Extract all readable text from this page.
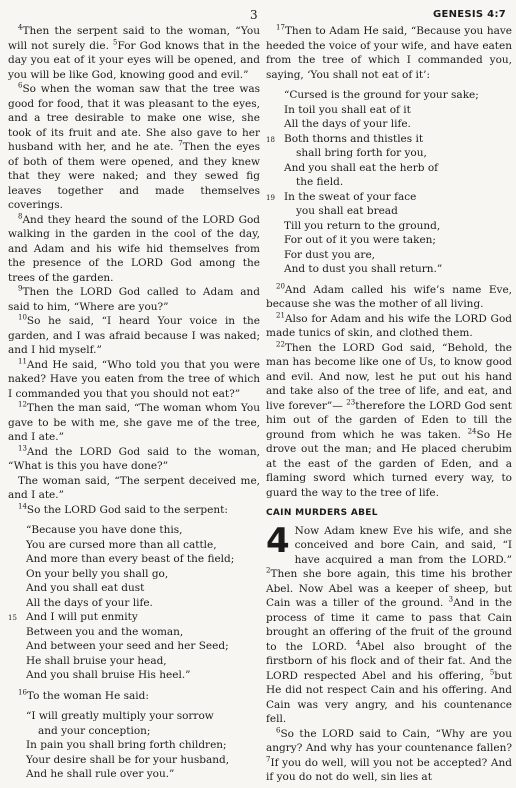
3	GENESIS 4:7

$^4$Then the serpent said to the woman, “You will not surely die. $^5$For God knows that in the day you eat of it your eyes will be opened, and you will be like God, knowing good and evil.”

$^6$So when the woman saw that the tree was good for food, that it was pleasant to the eyes, and a tree desirable to make one wise, she took of its fruit and ate. She also gave to her husband with her, and he ate. $^7$Then the eyes of both of them were opened, and they knew that they were naked; and they sewed fig leaves together and made themselves coverings.

$^8$And they heard the sound of the LORD God walking in the garden in the cool of the day, and Adam and his wife hid themselves from the presence of the LORD God among the trees of the garden.

$^9$Then the LORD God called to Adam and said to him, “Where are you?”

$^{10}$So he said, “I heard Your voice in the garden, and I was afraid because I was naked; and I hid myself.”

$^{11}$And He said, “Who told you that you were naked? Have you eaten from the tree of which I commanded you that you should not eat?”

$^{12}$Then the man said, “The woman whom You gave to be with me, she gave me of the tree, and I ate.”

$^{13}$And the LORD God said to the woman, “What is this you have done?”

The woman said, “The serpent deceived me, and I ate.”

$^{14}$So the LORD God said to the serpent:

“Because you have done this,
You are cursed more than all cattle,
And more than every beast of the field;
On your belly you shall go,
And you shall eat dust
All the days of your life.
15 And I will put enmity
Between you and the woman,
And between your seed and her Seed;
He shall bruise your head,
And you shall bruise His heel.”

$^{16}$To the woman He said:

“I will greatly multiply your sorrow
and your conception;
In pain you shall bring forth children;
Your desire shall be for your husband,
And he shall rule over you.”

$^{17}$Then to Adam He said, “Because you have heeded the voice of your wife, and have eaten from the tree of which I commanded you, saying, ‘You shall not eat of it’:

“Cursed is the ground for your sake;
In toil you shall eat of it
All the days of your life.
18 Both thorns and thistles it
shall bring forth for you,
And you shall eat the herb of
the field.
19 In the sweat of your face
you shall eat bread
Till you return to the ground,
For out of it you were taken;
For dust you are,
And to dust you shall return.”

$^{20}$And Adam called his wife’s name Eve, because she was the mother of all living.

$^{21}$Also for Adam and his wife the LORD God made tunics of skin, and clothed them.

$^{22}$Then the LORD God said, “Behold, the man has become like one of Us, to know good and evil. And now, lest he put out his hand and take also of the tree of life, and eat, and live forever”— $^{23}$therefore the LORD God sent him out of the garden of Eden to till the ground from which he was taken. $^{24}$So He drove out the man; and He placed cherubim at the east of the garden of Eden, and a flaming sword which turned every way, to guard the way to the tree of life.

CAIN MURDERS ABEL

4 Now Adam knew Eve his wife, and she conceived and bore Cain, and said, “I have acquired a man from the LORD.” $^2$Then she bore again, this time his brother Abel. Now Abel was a keeper of sheep, but Cain was a tiller of the ground. $^3$And in the process of time it came to pass that Cain brought an offering of the fruit of the ground to the LORD. $^4$Abel also brought of the firstborn of his flock and of their fat. And the LORD respected Abel and his offering, $^5$but He did not respect Cain and his offering. And Cain was very angry, and his countenance fell.

$^6$So the LORD said to Cain, “Why are you angry? And why has your countenance fallen? $^7$If you do well, will you not be accepted? And if you do not do well, sin lies at
